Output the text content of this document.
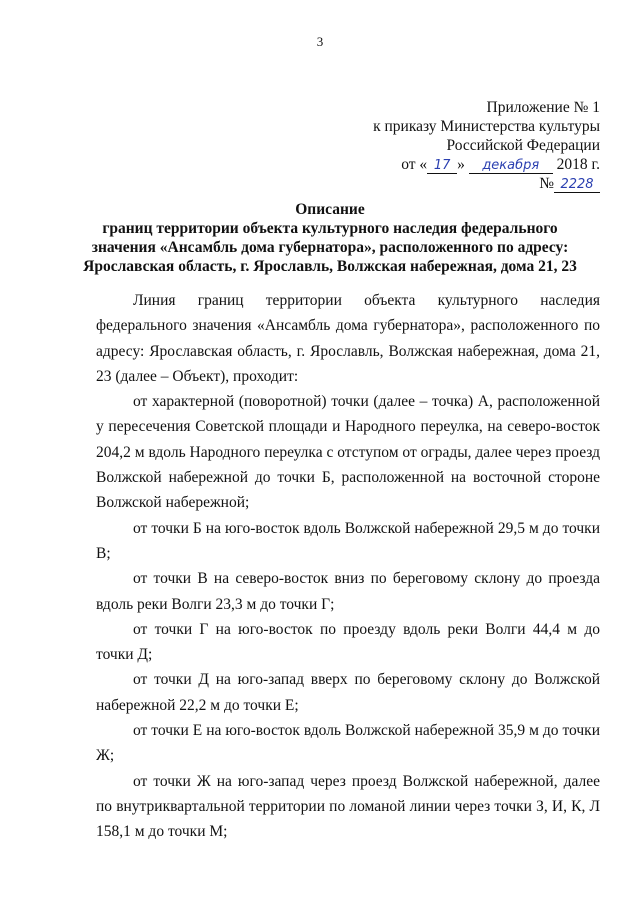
3
Приложение № 1
к приказу Министерства культуры
Российской Федерации
от « 17 » декабря 2018 г.
№ 2228
Описание
границ территории объекта культурного наследия федерального
значения «Ансамбль дома губернатора», расположенного по адресу:
Ярославская область, г. Ярославль, Волжская набережная, дома 21, 23

Линия границ территории объекта культурного наследия федерального значения «Ансамбль дома губернатора», расположенного по адресу: Ярославская область, г. Ярославль, Волжская набережная, дома 21, 23 (далее – Объект), проходит:

от характерной (поворотной) точки (далее – точка) А, расположенной у пересечения Советской площади и Народного переулка, на северо-восток 204,2 м вдоль Народного переулка с отступом от ограды, далее через проезд Волжской набережной до точки Б, расположенной на восточной стороне Волжской набережной;

от точки Б на юго-восток вдоль Волжской набережной 29,5 м до точки В;

от точки В на северо-восток вниз по береговому склону до проезда вдоль реки Волги 23,3 м до точки Г;

от точки Г на юго-восток по проезду вдоль реки Волги 44,4 м до точки Д;

от точки Д на юго-запад вверх по береговому склону до Волжской набережной 22,2 м до точки Е;

от точки Е на юго-восток вдоль Волжской набережной 35,9 м до точки Ж;

от точки Ж на юго-запад через проезд Волжской набережной, далее по внутриквартальной территории по ломаной линии через точки З, И, К, Л 158,1 м до точки М;
